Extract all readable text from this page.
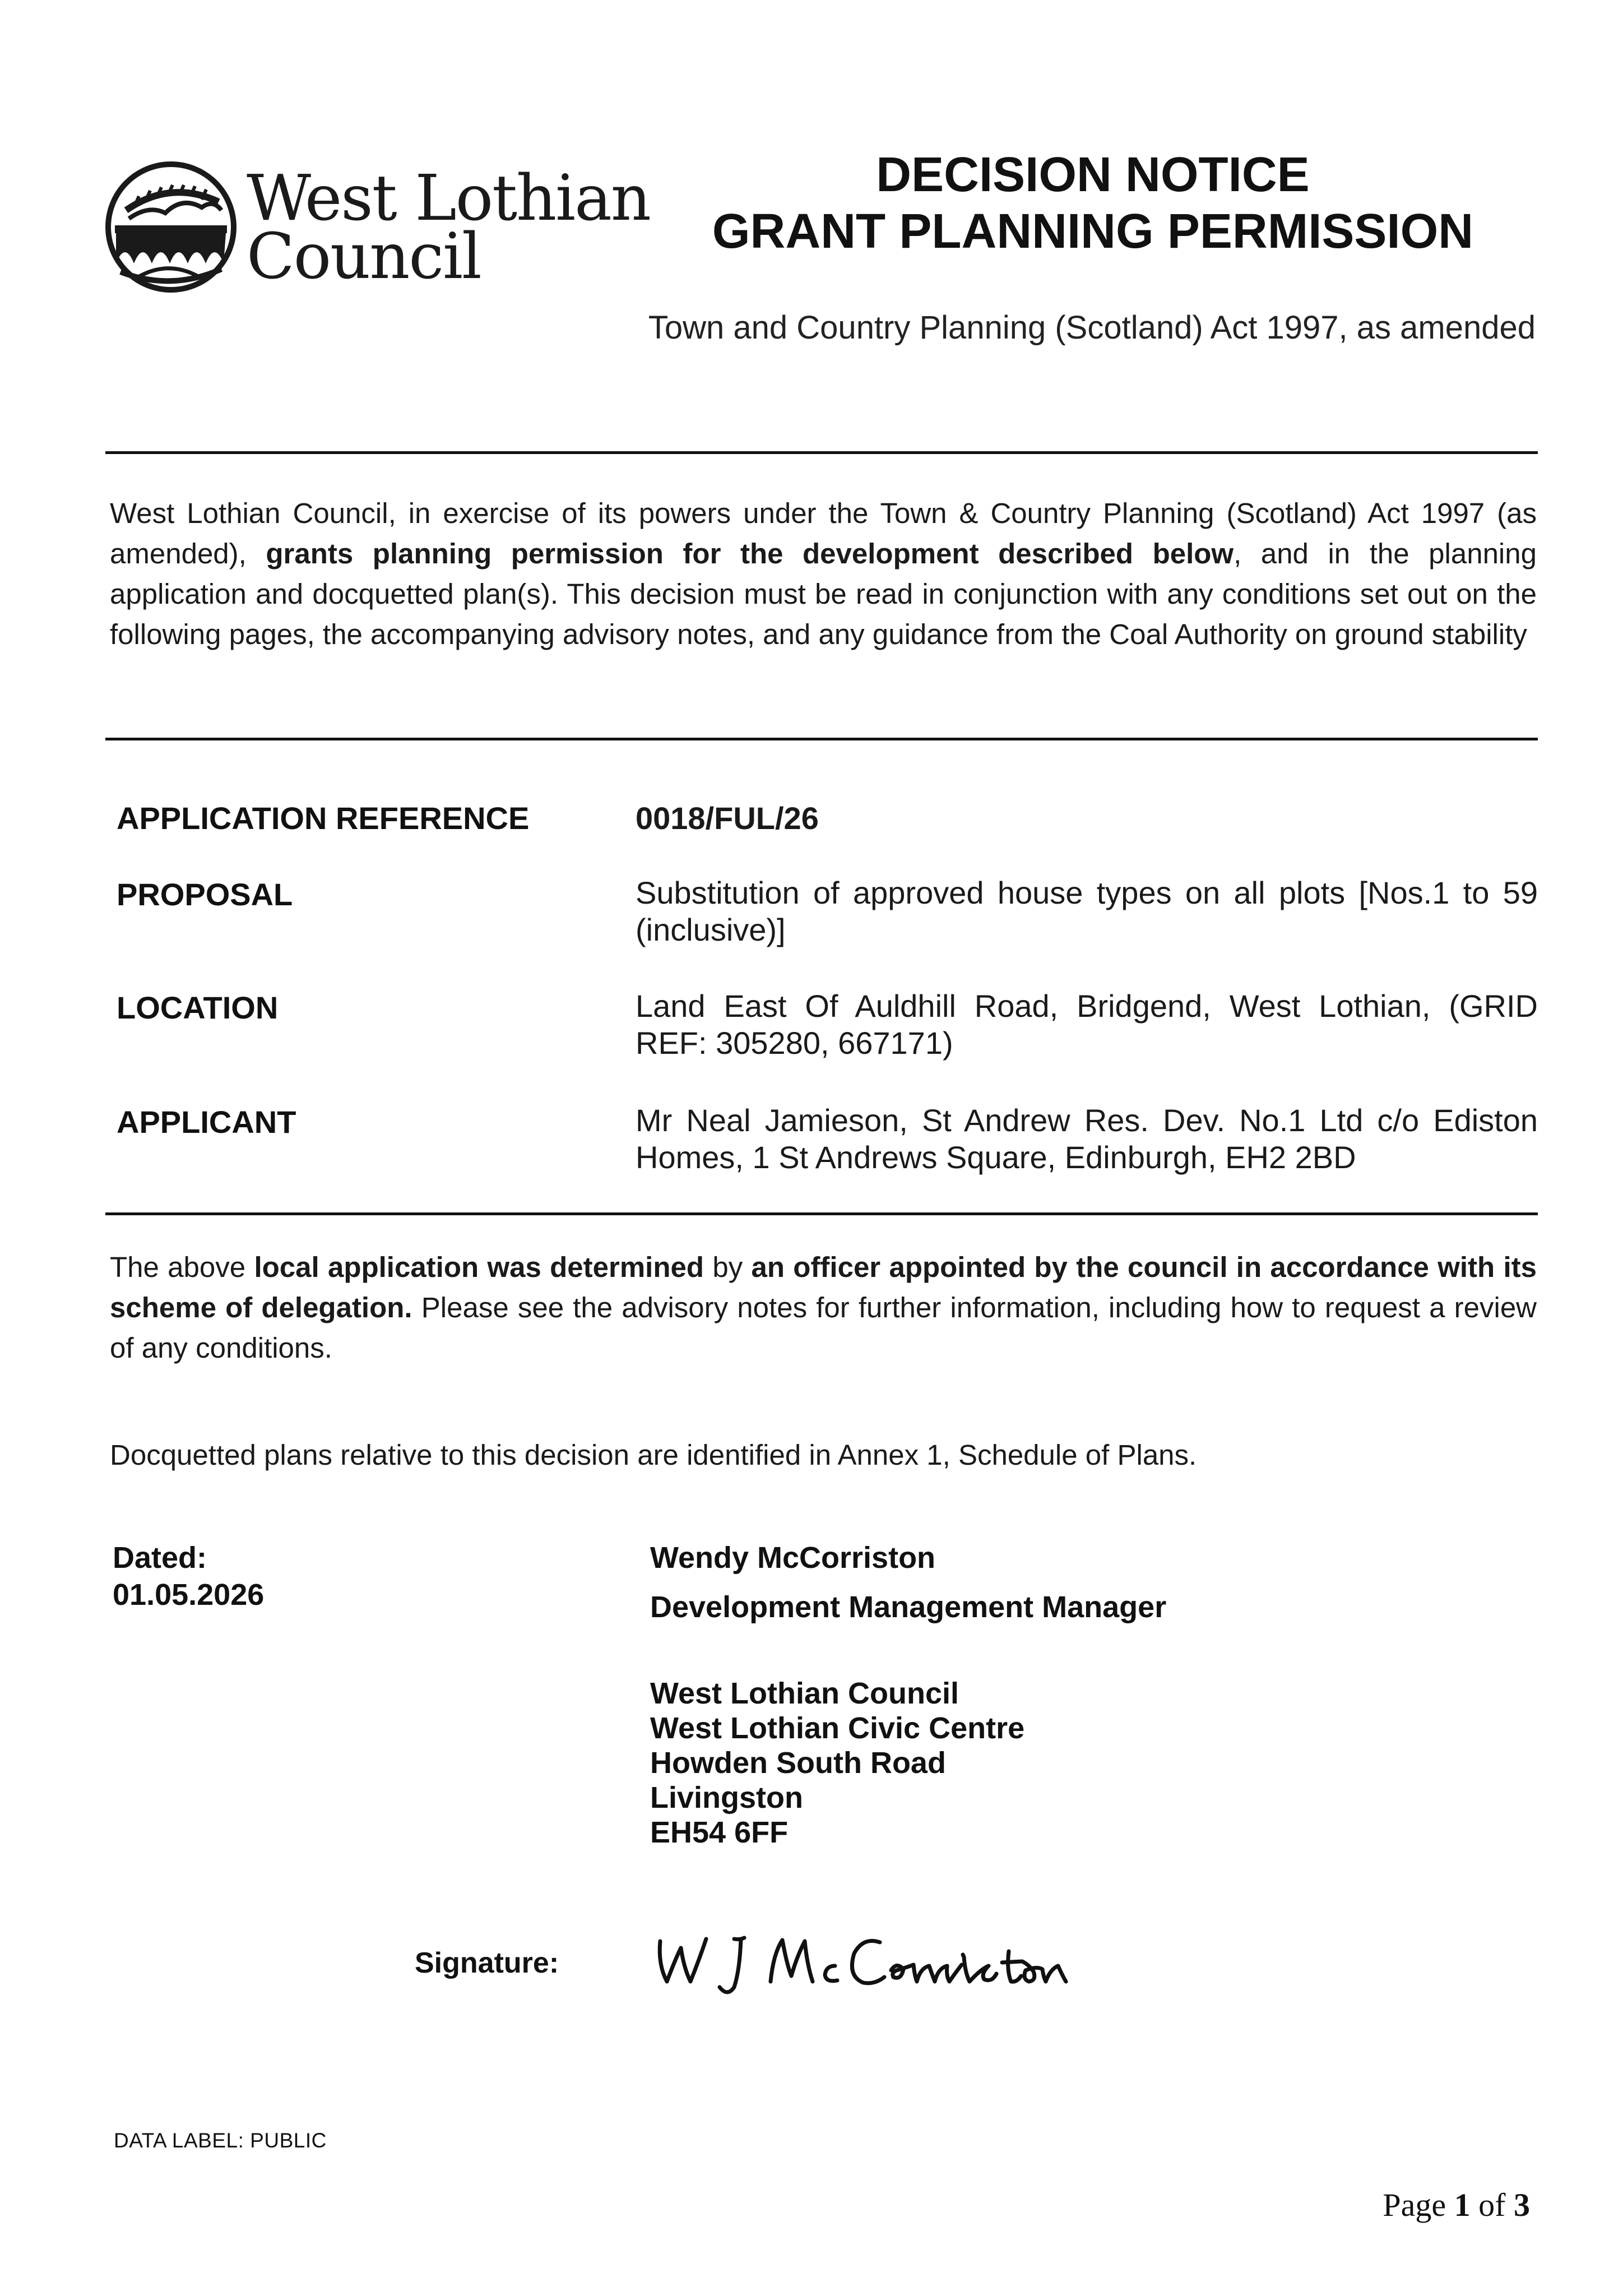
West Lothian
Council
DECISION NOTICE
GRANT PLANNING PERMISSION
Town and Country Planning (Scotland) Act 1997, as amended
West Lothian Council, in exercise of its powers under the Town & Country Planning (Scotland) Act 1997 (as amended), grants planning permission for the development described below, and in the planning application and docquetted plan(s). This decision must be read in conjunction with any conditions set out on the following pages, the accompanying advisory notes, and any guidance from the Coal Authority on ground stability
APPLICATION REFERENCE	0018/FUL/26
PROPOSAL	Substitution of approved house types on all plots [Nos.1 to 59 (inclusive)]
LOCATION	Land East Of Auldhill Road, Bridgend, West Lothian, (GRID REF: 305280, 667171)
APPLICANT	Mr Neal Jamieson, St Andrew Res. Dev. No.1 Ltd c/o Ediston Homes, 1 St Andrews Square, Edinburgh, EH2 2BD
The above local application was determined by an officer appointed by the council in accordance with its scheme of delegation. Please see the advisory notes for further information, including how to request a review of any conditions.
Docquetted plans relative to this decision are identified in Annex 1, Schedule of Plans.
Dated:
01.05.2026
Wendy McCorriston
Development Management Manager
West Lothian Council
West Lothian Civic Centre
Howden South Road
Livingston
EH54 6FF
Signature:
DATA LABEL: PUBLIC
Page 1 of 3
